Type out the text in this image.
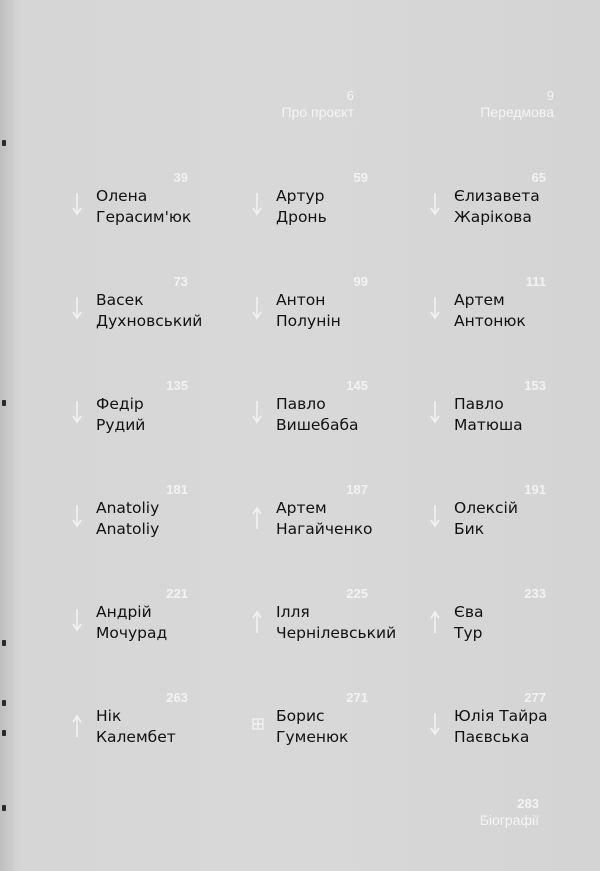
6
Про проєкт
9
Передмова
39
Олена
Герасим'юк
59
Артур
Дронь
65
Єлизавета
Жарікова
73
Васек
Духновський
99
Антон
Полунін
111
Артем
Антонюк
135
Федір
Рудий
145
Павло
Вишебаба
153
Павло
Матюша
181
Anatoliy
Anatoliy
187
Артем
Нагайченко
191
Олексій
Бик
221
Андрій
Мочурад
225
Ілля
Чернілевський
233
Єва
Тур
263
Нік
Калембет
271
Борис
Гуменюк
277
Юлія Тайра
Паєвська
283
Біографії
